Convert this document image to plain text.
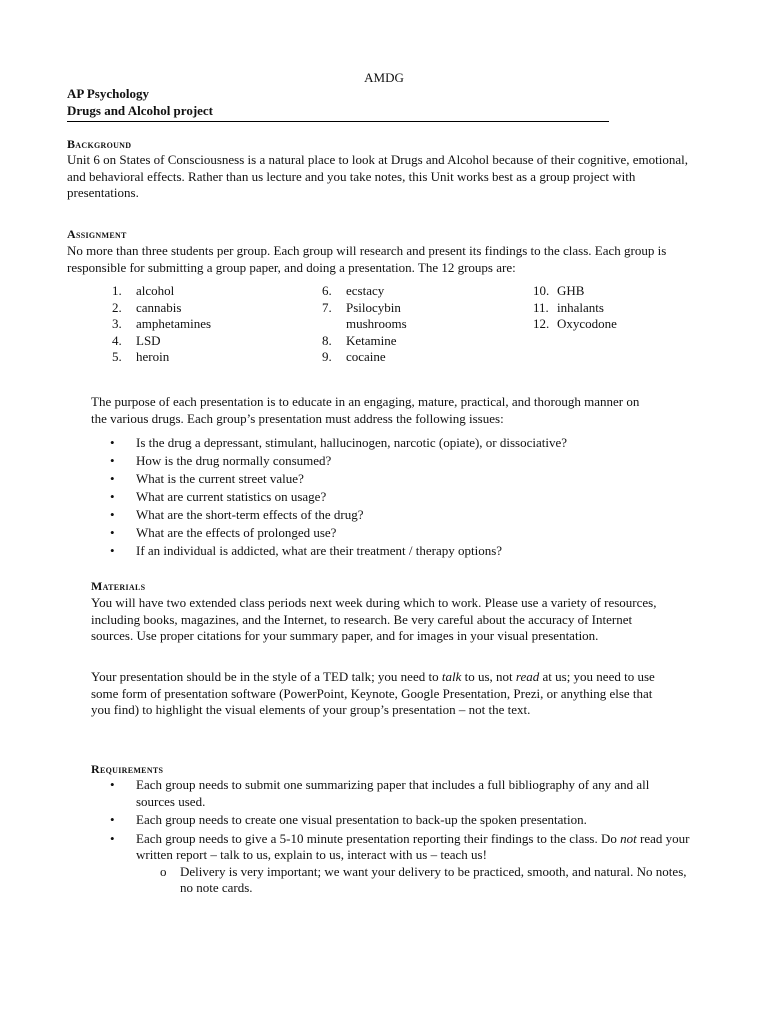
AMDG
AP Psychology
Drugs and Alcohol project
Background
Unit 6 on States of Consciousness is a natural place to look at Drugs and Alcohol because of their cognitive, emotional, and behavioral effects. Rather than us lecture and you take notes, this Unit works best as a group project with presentations.
Assignment
No more than three students per group. Each group will research and present its findings to the class. Each group is responsible for submitting a group paper, and doing a presentation. The 12 groups are:
1.	alcohol
2.	cannabis
3.	amphetamines
4.	LSD
5.	heroin
6.	ecstacy
7.	Psilocybin
mushrooms
8.	Ketamine
9.	cocaine
10. GHB
11. inhalants
12. Oxycodone
The purpose of each presentation is to educate in an engaging, mature, practical, and thorough manner on the various drugs. Each group’s presentation must address the following issues:
• Is the drug a depressant, stimulant, hallucinogen, narcotic (opiate), or dissociative?
• How is the drug normally consumed?
• What is the current street value?
• What are current statistics on usage?
• What are the short-term effects of the drug?
• What are the effects of prolonged use?
• If an individual is addicted, what are their treatment / therapy options?
Materials
You will have two extended class periods next week during which to work. Please use a variety of resources, including books, magazines, and the Internet, to research. Be very careful about the accuracy of Internet sources. Use proper citations for your summary paper, and for images in your visual presentation.
Your presentation should be in the style of a TED talk; you need to talk to us, not read at us; you need to use some form of presentation software (PowerPoint, Keynote, Google Presentation, Prezi, or anything else that you find) to highlight the visual elements of your group’s presentation – not the text.
Requirements
• Each group needs to submit one summarizing paper that includes a full bibliography of any and all sources used.
• Each group needs to create one visual presentation to back-up the spoken presentation.
• Each group needs to give a 5-10 minute presentation reporting their findings to the class. Do not read your written report – talk to us, explain to us, interact with us – teach us!
o Delivery is very important; we want your delivery to be practiced, smooth, and natural. No notes, no note cards.
